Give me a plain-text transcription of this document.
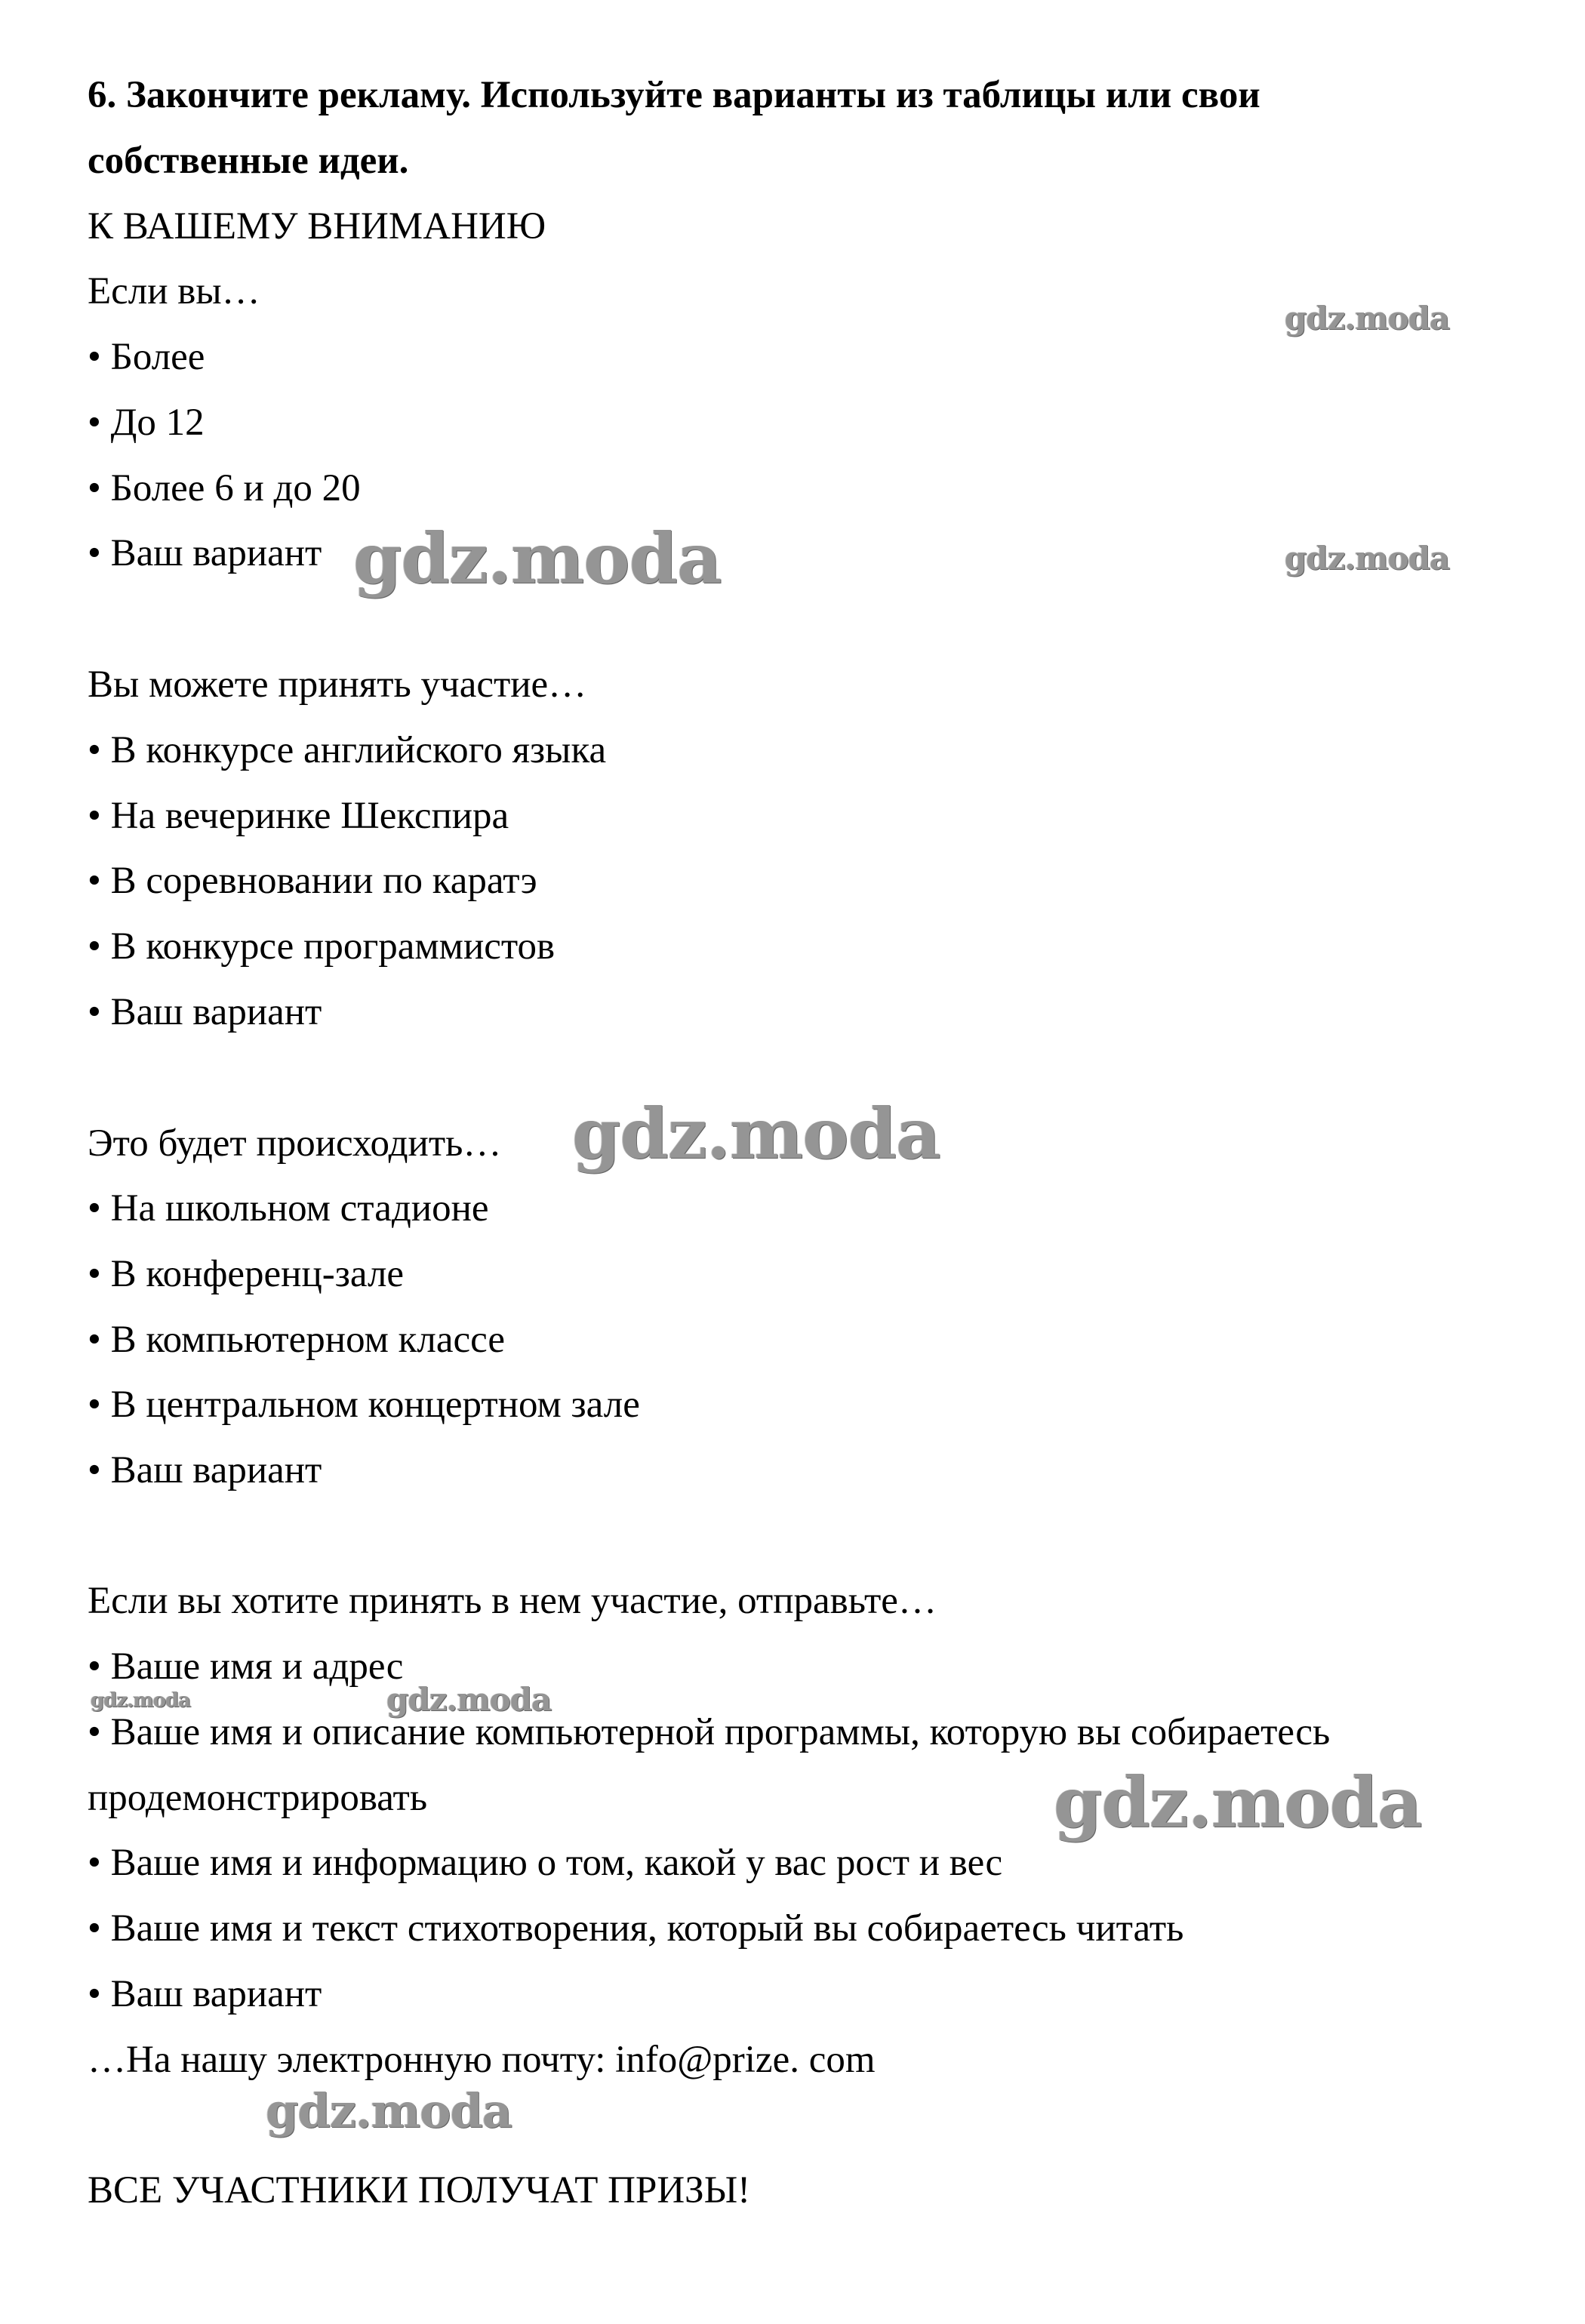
6. Закончите рекламу. Используйте варианты из таблицы или свои
собственные идеи.
К ВАШЕМУ ВНИМАНИЮ
Если вы…
• Более
• До 12
• Более 6 и до 20
• Ваш вариант
Вы можете принять участие…
• В конкурсе английского языка
• На вечеринке Шекспира
• В соревновании по каратэ
• В конкурсе программистов
• Ваш вариант
Это будет происходить…
• На школьном стадионе
• В конференц-зале
• В компьютерном классе
• В центральном концертном зале
• Ваш вариант
Если вы хотите принять в нем участие, отправьте…
• Ваше имя и адрес
• Ваше имя и описание компьютерной программы, которую вы собираетесь
продемонстрировать
• Ваше имя и информацию о том, какой у вас рост и вес
• Ваше имя и текст стихотворения, который вы собираетесь читать
• Ваш вариант
…На нашу электронную почту: info@prize. com
ВСЕ УЧАСТНИКИ ПОЛУЧАТ ПРИЗЫ!
gdz.moda
gdz.moda
gdz.moda
gdz.moda
gdz.moda	gdz.moda
gdz.moda
gdz.moda
